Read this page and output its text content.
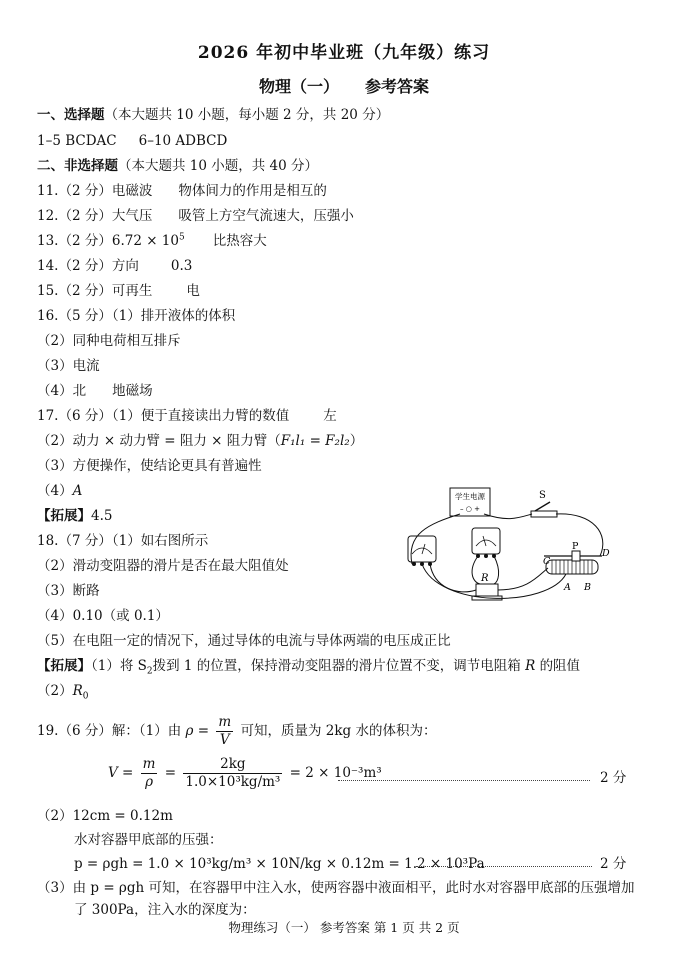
2026 年初中毕业班（九年级）练习
物理（一） 参考答案
一、选择题（本大题共 10 小题，每小题 2 分，共 20 分）
1–5 BCDAC 6–10 ADBCD
二、非选择题（本大题共 10 小题，共 40 分）
11.（2 分）电磁波 物体间力的作用是相互的
12.（2 分）大气压 吸管上方空气流速大，压强小
13.（2 分）$6.72 \times 10^5$ 比热容大
14.（2 分）方向 0.3
15.（2 分）可再生	电
16.（5 分）（1）排开液体的体积
（2）同种电荷相互排斥
（3）电流
（4）北 地磁场
17.（6 分）（1）便于直接读出力臂的数值	左
（2）动力 × 动力臂 = 阻力 × 阻力臂（F₁l₁ = F₂l₂）
（3）方便操作，使结论更具有普遍性
（4）A
【拓展】4.5
18.（7 分）（1）如右图所示
（2）滑动变阻器的滑片是否在最大阻值处
（3）断路
（4）0.10（或 0.1）
（5）在电阻一定的情况下，通过导体的电流与导体两端的电压成正比
【拓展】（1）将 $S_2$拨到 1 的位置，保持滑动变阻器的滑片位置不变，调节电阻箱 R 的阻值
$(2)R_0$
学生电源
– ○ +
S
R
P
C
D
A B
19.（6 分）解：（1）由 $\rho = \frac{m}{V}$ 可知，质量为 2kg 水的体积为：
$V = \frac{m}{\rho} = \frac{2kg}{\text{1.0×10³kg/m³}} = 2 \times 10^{-3}m^3$	2 分
（2）12cm = 0.12m
水对容器甲底部的压强：
p = ρgh = 1.0 × 10³kg/m³ × 10N/kg × 0.12m = 1.2 × 10³Pa	2 分
（3）由 p = ρgh 可知，在容器甲中注入水，使两容器中液面相平，此时水对容器甲底部的压强增加
了 300Pa，注入水的深度为：
物理练习（一） 参考答案 第 1 页 共 2 页
